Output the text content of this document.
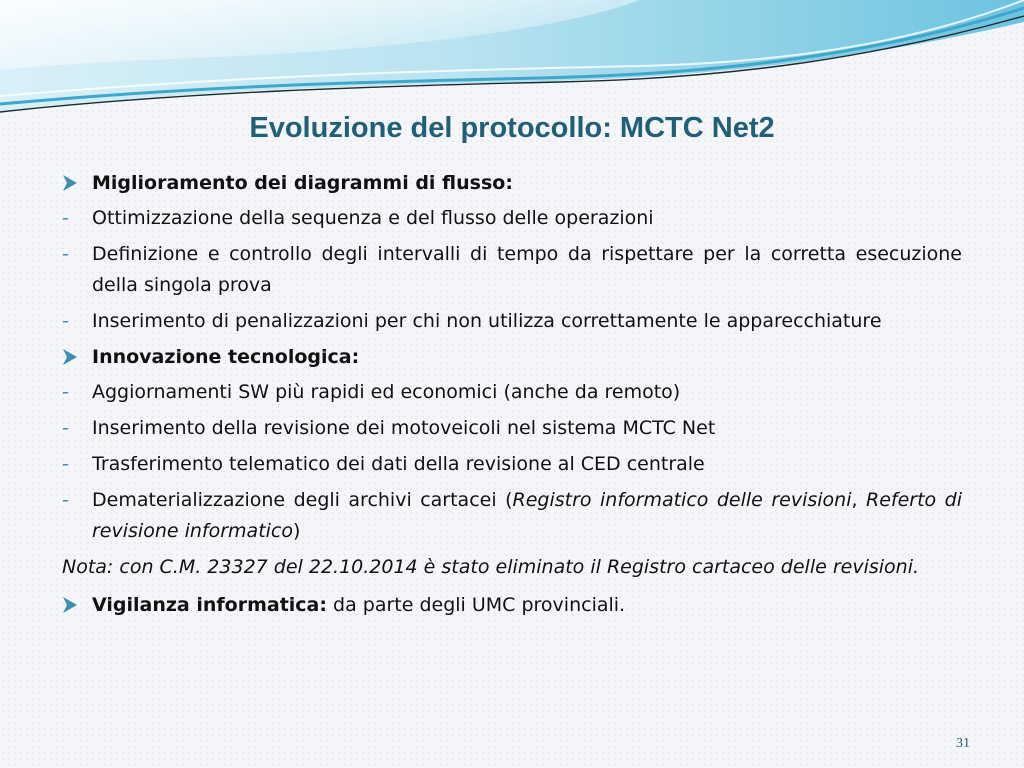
Evoluzione del protocollo: MCTC Net2

Miglioramento dei diagrammi di flusso:

- Ottimizzazione della sequenza e del flusso delle operazioni

- Definizione e controllo degli intervalli di tempo da rispettare per la corretta esecuzione della singola prova

- Inserimento di penalizzazioni per chi non utilizza correttamente le apparecchiature

Innovazione tecnologica:

- Aggiornamenti SW più rapidi ed economici (anche da remoto)

- Inserimento della revisione dei motoveicoli nel sistema MCTC Net

- Trasferimento telematico dei dati della revisione al CED centrale

- Dematerializzazione degli archivi cartacei (Registro informatico delle revisioni, Referto di revisione informatico)

Nota: con C.M. 23327 del 22.10.2014 è stato eliminato il Registro cartaceo delle revisioni.

Vigilanza informatica: da parte degli UMC provinciali.

31
